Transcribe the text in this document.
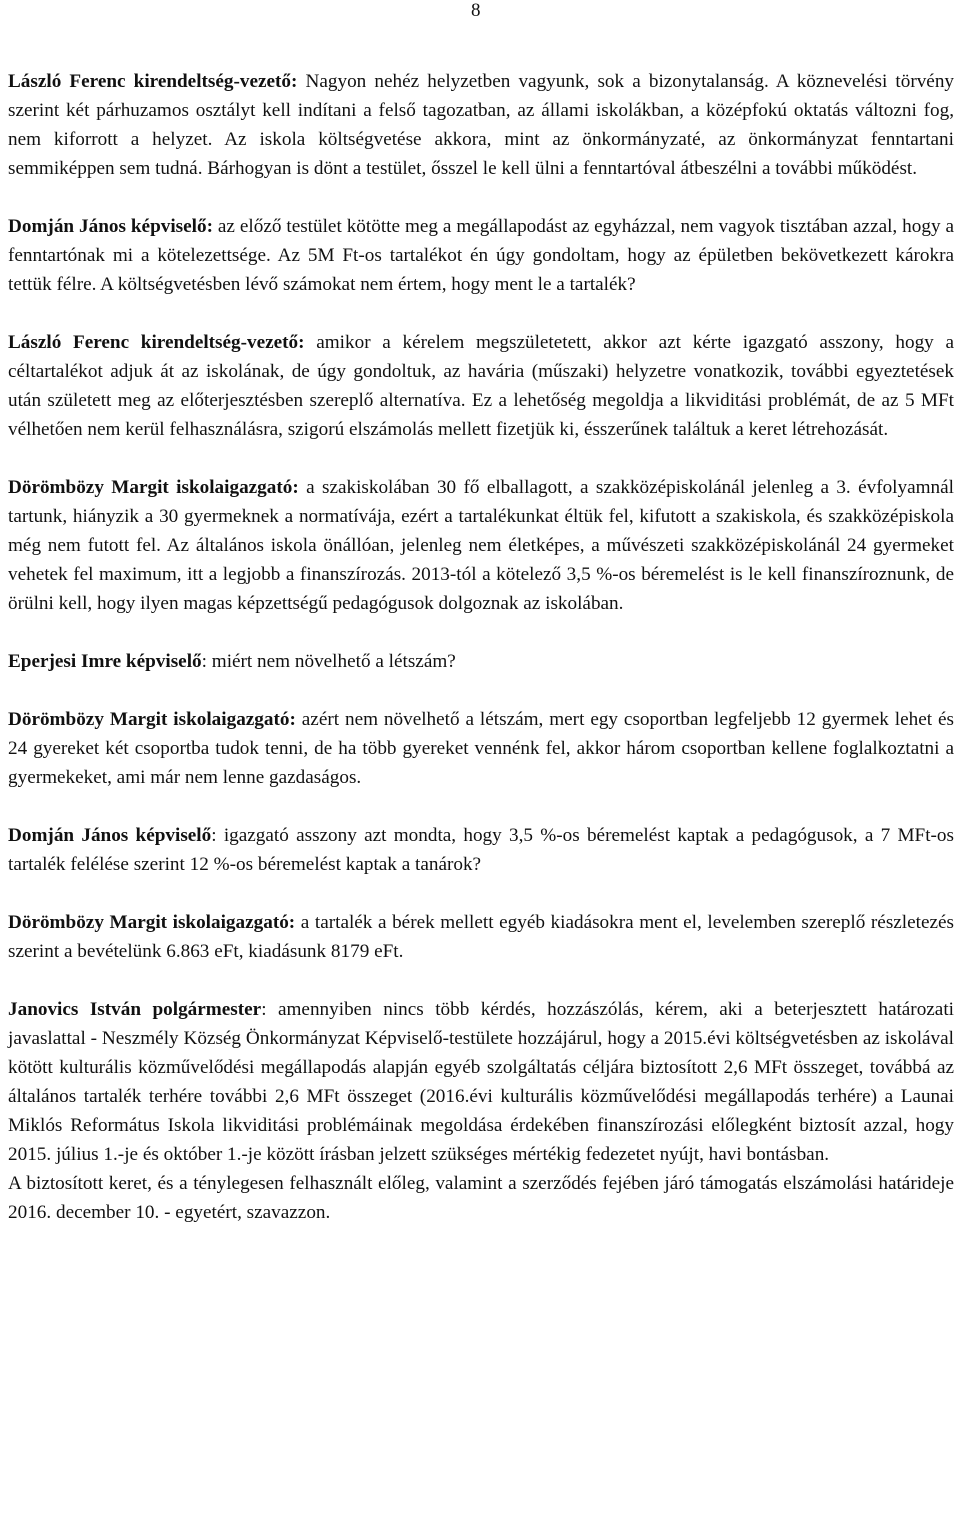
8

László Ferenc kirendeltség-vezető: Nagyon nehéz helyzetben vagyunk, sok a bizonytalanság. A köznevelési törvény szerint két párhuzamos osztályt kell indítani a felső tagozatban, az állami iskolákban, a középfokú oktatás változni fog, nem kiforrott a helyzet. Az iskola költségvetése akkora, mint az önkormányzaté, az önkormányzat fenntartani semmiképpen sem tudná. Bárhogyan is dönt a testület, ősszel le kell ülni a fenntartóval átbeszélni a további működést.

Domján János képviselő: az előző testület kötötte meg a megállapodást az egyházzal, nem vagyok tisztában azzal, hogy a fenntartónak mi a kötelezettsége. Az 5M Ft-os tartalékot én úgy gondoltam, hogy az épületben bekövetkezett károkra tettük félre. A költségvetésben lévő számokat nem értem, hogy ment le a tartalék?

László Ferenc kirendeltség-vezető: amikor a kérelem megszületetett, akkor azt kérte igazgató asszony, hogy a céltartalékot adjuk át az iskolának, de úgy gondoltuk, az havária (műszaki) helyzetre vonatkozik, további egyeztetések után született meg az előterjesztésben szereplő alternatíva. Ez a lehetőség megoldja a likviditási problémát, de az 5 MFt vélhetően nem kerül felhasználásra, szigorú elszámolás mellett fizetjük ki, ésszerűnek találtuk a keret létrehozását.

Dörömbözy Margit iskolaigazgató: a szakiskolában 30 fő elballagott, a szakközépiskolánál jelenleg a 3. évfolyamnál tartunk, hiányzik a 30 gyermeknek a normatívája, ezért a tartalékunkat éltük fel, kifutott a szakiskola, és szakközépiskola még nem futott fel. Az általános iskola önállóan, jelenleg nem életképes, a művészeti szakközépiskolánál 24 gyermeket vehetek fel maximum, itt a legjobb a finanszírozás. 2013-tól a kötelező 3,5 %-os béremelést is le kell finanszíroznunk, de örülni kell, hogy ilyen magas képzettségű pedagógusok dolgoznak az iskolában.

Eperjesi Imre képviselő: miért nem növelhető a létszám?

Dörömbözy Margit iskolaigazgató: azért nem növelhető a létszám, mert egy csoportban legfeljebb 12 gyermek lehet és 24 gyereket két csoportba tudok tenni, de ha több gyereket vennénk fel, akkor három csoportban kellene foglalkoztatni a gyermekeket, ami már nem lenne gazdaságos.

Domján János képviselő: igazgató asszony azt mondta, hogy 3,5 %-os béremelést kaptak a pedagógusok, a 7 MFt-os tartalék felélése szerint 12 %-os béremelést kaptak a tanárok?

Dörömbözy Margit iskolaigazgató: a tartalék a bérek mellett egyéb kiadásokra ment el, levelemben szereplő részletezés szerint a bevételünk 6.863 eFt, kiadásunk 8179 eFt.

Janovics István polgármester: amennyiben nincs több kérdés, hozzászólás, kérem, aki a beterjesztett határozati javaslattal - Neszmély Község Önkormányzat Képviselő-testülete hozzájárul, hogy a 2015.évi költségvetésben az iskolával kötött kulturális közművelődési megállapodás alapján egyéb szolgáltatás céljára biztosított 2,6 MFt összeget, továbbá az általános tartalék terhére további 2,6 MFt összeget (2016.évi kulturális közművelődési megállapodás terhére) a Launai Miklós Református Iskola likviditási problémáinak megoldása érdekében finanszírozási előlegként biztosít azzal, hogy 2015. július 1.-je és október 1.-je között írásban jelzett szükséges mértékig fedezetet nyújt, havi bontásban.

A biztosított keret, és a ténylegesen felhasznált előleg, valamint a szerződés fejében járó támogatás elszámolási határideje 2016. december 10. - egyetért, szavazzon.
